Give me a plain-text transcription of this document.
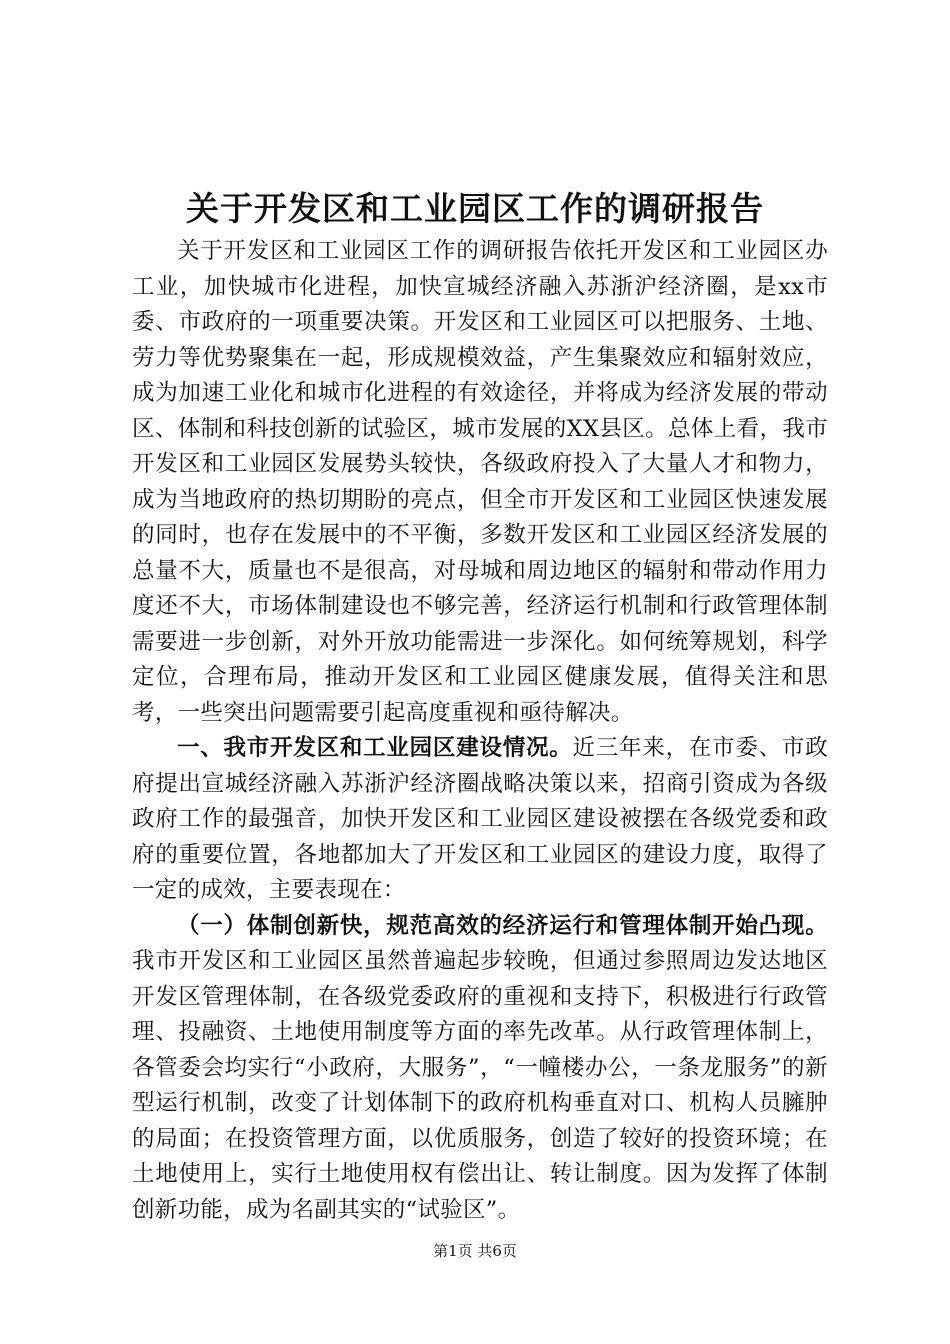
关于开发区和工业园区工作的调研报告

关于开发区和工业园区工作的调研报告依托开发区和工业园区办工业，加快城市化进程，加快宣城经济融入苏浙沪经济圈，是xx市委、市政府的一项重要决策。开发区和工业园区可以把服务、土地、劳力等优势聚集在一起，形成规模效益，产生集聚效应和辐射效应，成为加速工业化和城市化进程的有效途径，并将成为经济发展的带动区、体制和科技创新的试验区，城市发展的XX县区。总体上看，我市开发区和工业园区发展势头较快，各级政府投入了大量人才和物力，成为当地政府的热切期盼的亮点，但全市开发区和工业园区快速发展的同时，也存在发展中的不平衡，多数开发区和工业园区经济发展的总量不大，质量也不是很高，对母城和周边地区的辐射和带动作用力度还不大，市场体制建设也不够完善，经济运行机制和行政管理体制需要进一步创新，对外开放功能需进一步深化。如何统筹规划，科学定位，合理布局，推动开发区和工业园区健康发展，值得关注和思考，一些突出问题需要引起高度重视和亟待解决。

一、我市开发区和工业园区建设情况。近三年来，在市委、市政府提出宣城经济融入苏浙沪经济圈战略决策以来，招商引资成为各级政府工作的最强音，加快开发区和工业园区建设被摆在各级党委和政府的重要位置，各地都加大了开发区和工业园区的建设力度，取得了一定的成效，主要表现在：

（一）体制创新快，规范高效的经济运行和管理体制开始凸现。我市开发区和工业园区虽然普遍起步较晚，但通过参照周边发达地区开发区管理体制，在各级党委政府的重视和支持下，积极进行行政管理、投融资、土地使用制度等方面的率先改革。从行政管理体制上，各管委会均实行“小政府，大服务”，“一幢楼办公，一条龙服务”的新型运行机制，改变了计划体制下的政府机构垂直对口、机构人员臃肿的局面；在投资管理方面，以优质服务，创造了较好的投资环境；在土地使用上，实行土地使用权有偿出让、转让制度。因为发挥了体制创新功能，成为名副其实的“试验区”。

第1页 共6页
